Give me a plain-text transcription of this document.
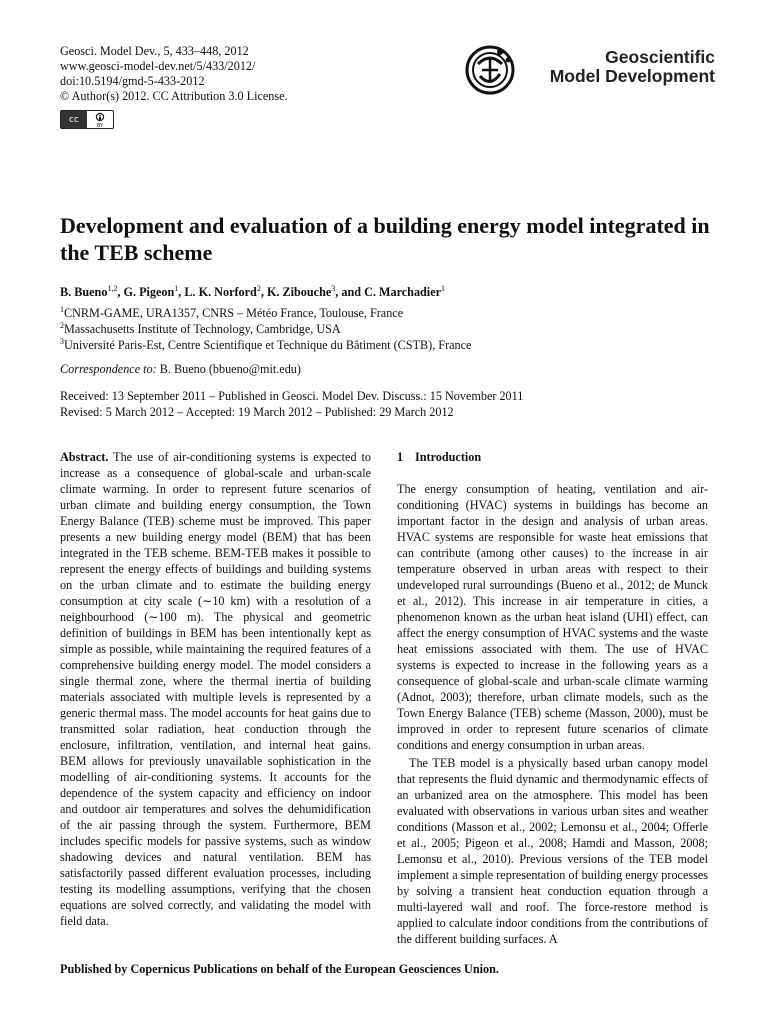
Geosci. Model Dev., 5, 433–448, 2012
www.geosci-model-dev.net/5/433/2012/
doi:10.5194/gmd-5-433-2012
© Author(s) 2012. CC Attribution 3.0 License.
cc
BY
Geoscientific
Model Development
Development and evaluation of a building energy model integrated in the TEB scheme
B. Bueno$^{1,2}$, G. Pigeon$^1$, L. K. Norford$^2$, K. Zibouche$^3$, and C. Marchadier$^1$
$^1$CNRM-GAME, URA1357, CNRS – Météo France, Toulouse, France
$^2$Massachusetts Institute of Technology, Cambridge, USA
$^3$Université Paris-Est, Centre Scientifique et Technique du Bâtiment (CSTB), France
Correspondence to: B. Bueno (bbueno@mit.edu)
Received: 13 September 2011 – Published in Geosci. Model Dev. Discuss.: 15 November 2011
Revised: 5 March 2012 – Accepted: 19 March 2012 – Published: 29 March 2012

Abstract. The use of air-conditioning systems is expected to increase as a consequence of global-scale and urban-scale climate warming. In order to represent future scenarios of urban climate and building energy consumption, the Town Energy Balance (TEB) scheme must be improved. This paper presents a new building energy model (BEM) that has been integrated in the TEB scheme. BEM-TEB makes it possible to represent the energy effects of buildings and building systems on the urban climate and to estimate the building energy consumption at city scale (∼10 km) with a resolution of a neighbourhood (∼100 m). The physical and geometric definition of buildings in BEM has been intentionally kept as simple as possible, while maintaining the required features of a comprehensive building energy model. The model considers a single thermal zone, where the thermal inertia of building materials associated with multiple levels is represented by a generic thermal mass. The model accounts for heat gains due to transmitted solar radiation, heat conduction through the enclosure, infiltration, ventilation, and internal heat gains. BEM allows for previously unavailable sophistication in the modelling of air-conditioning systems. It accounts for the dependence of the system capacity and efficiency on indoor and outdoor air temperatures and solves the dehumidification of the air passing through the system. Furthermore, BEM includes specific models for passive systems, such as window shadowing devices and natural ventilation. BEM has satisfactorily passed different evaluation processes, including testing its modelling assumptions, verifying that the chosen equations are solved correctly, and validating the model with field data.

1 Introduction

The energy consumption of heating, ventilation and air-conditioning (HVAC) systems in buildings has become an important factor in the design and analysis of urban areas. HVAC systems are responsible for waste heat emissions that can contribute (among other causes) to the increase in air temperature observed in urban areas with respect to their undeveloped rural surroundings (Bueno et al., 2012; de Munck et al., 2012). This increase in air temperature in cities, a phenomenon known as the urban heat island (UHI) effect, can affect the energy consumption of HVAC systems and the waste heat emissions associated with them. The use of HVAC systems is expected to increase in the following years as a consequence of global-scale and urban-scale climate warming (Adnot, 2003); therefore, urban climate models, such as the Town Energy Balance (TEB) scheme (Masson, 2000), must be improved in order to represent future scenarios of climate conditions and energy consumption in urban areas.

The TEB model is a physically based urban canopy model that represents the fluid dynamic and thermodynamic effects of an urbanized area on the atmosphere. This model has been evaluated with observations in various urban sites and weather conditions (Masson et al., 2002; Lemonsu et al., 2004; Offerle et al., 2005; Pigeon et al., 2008; Hamdi and Masson, 2008; Lemonsu et al., 2010). Previous versions of the TEB model implement a simple representation of building energy processes by solving a transient heat conduction equation through a multi-layered wall and roof. The force-restore method is applied to calculate indoor conditions from the contributions of the different building surfaces. A

Published by Copernicus Publications on behalf of the European Geosciences Union.
